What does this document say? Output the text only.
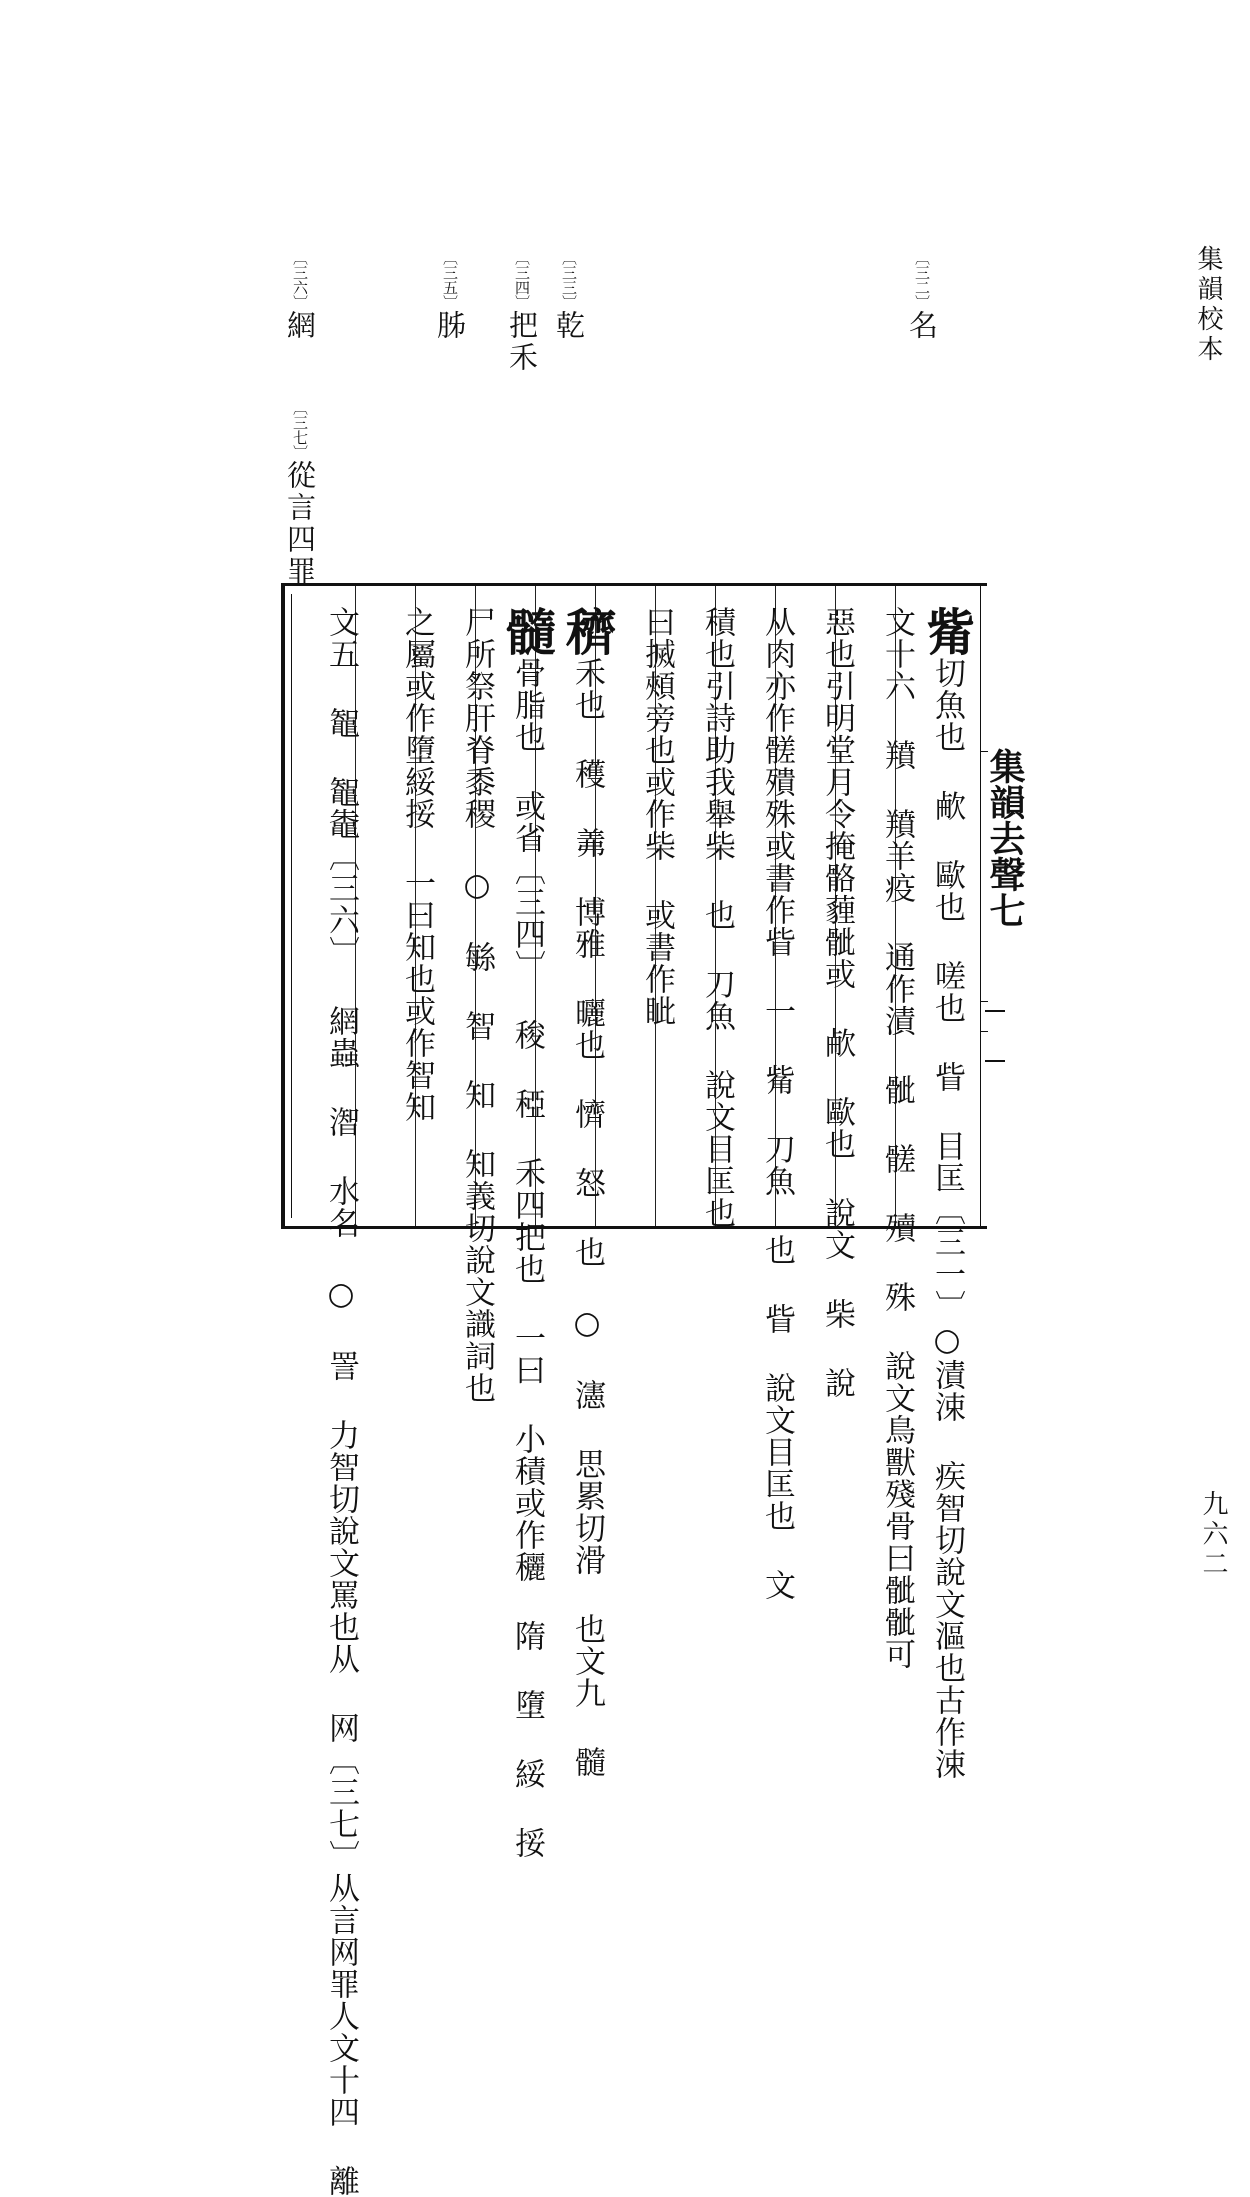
集韻校本
九六二
〔三二〕名
〔三三〕乾
〔三四〕把禾
〔三五〕胏
〔三六〕網
〔三七〕從言四罪
觜切魚也 欳 歐也 嗟也 眥 目匡〔三一〕○漬涑 疾智切說文漚也古作涑
文十六 羵 羵羊疫 通作漬 骴 髊 殰 殊 說文鳥獸殘骨曰骴骴可
惡也引明堂月令掩骼薶骴或 欳 歐也 說文 柴 說
从肉亦作髊殨殊或書作眥 一 觜 刀魚 也 眥 說文目匡也 文
積也引詩助我舉柴 也 刀魚 說文目匡也
曰搣頰旁也或作柴 或書作眦
穧禾也 穫 羛 博雅 曬也 懠 怒 也 ○ 瀗 思累切滑 也文九 髓
髓骨脂也 或省〔三四〕 稄 稏 禾四把也 一曰 小積或作穲 隋 墮 綏 挼
尸所祭肝脊黍稷 ○ 䋣 智 知 知義切說文識詞也
之屬或作墮綏挼 一曰知也或作智知
文五 鼅 鼅鼄〔三六〕 網蟲 潪 水名 ○ 詈 力智切說文罵也从 网〔三七〕从言网罪人文十四 離	集韻去聲七
